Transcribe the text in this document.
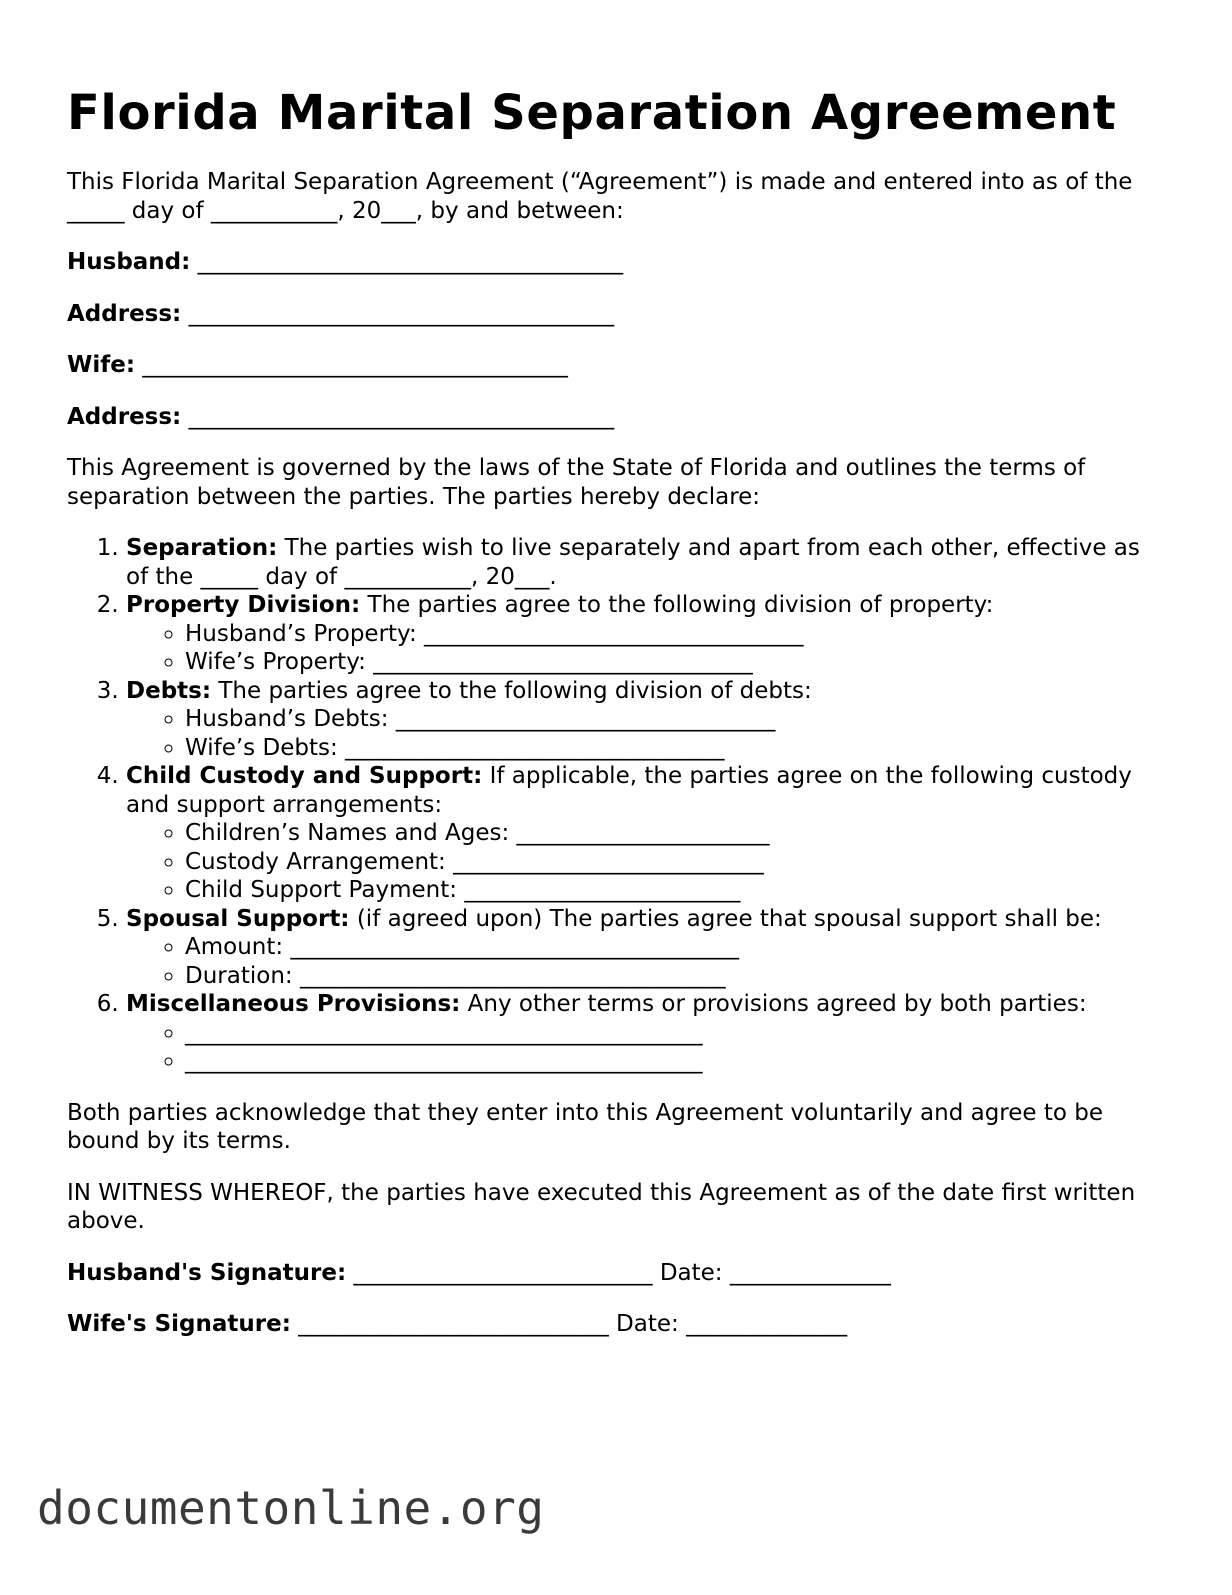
Florida Marital Separation Agreement

This Florida Marital Separation Agreement (“Agreement”) is made and entered into as of the _____ day of ___________, 20___, by and between:

Husband: _____________________________________

Address: _____________________________________

Wife: _____________________________________

Address: _____________________________________

This Agreement is governed by the laws of the State of Florida and outlines the terms of separation between the parties. The parties hereby declare:

1. Separation: The parties wish to live separately and apart from each other, effective as of the _____ day of ___________, 20___.
2. Property Division: The parties agree to the following division of property:
◦ Husband’s Property: _________________________________
◦ Wife’s Property: _________________________________
3. Debts: The parties agree to the following division of debts:
◦ Husband’s Debts: _________________________________
◦ Wife’s Debts: _________________________________
4. Child Custody and Support: If applicable, the parties agree on the following custody and support arrangements:
◦ Children’s Names and Ages: ______________________
◦ Custody Arrangement: ___________________________
◦ Child Support Payment: ________________________
5. Spousal Support: (if agreed upon) The parties agree that spousal support shall be:
◦ Amount: _______________________________________
◦ Duration: _____________________________________
6. Miscellaneous Provisions: Any other terms or provisions agreed by both parties:
◦ _____________________________________________
◦ _____________________________________________

Both parties acknowledge that they enter into this Agreement voluntarily and agree to be bound by its terms.

IN WITNESS WHEREOF, the parties have executed this Agreement as of the date first written above.

Husband's Signature: __________________________ Date: ______________

Wife's Signature: ___________________________ Date: ______________

documentonline.org
